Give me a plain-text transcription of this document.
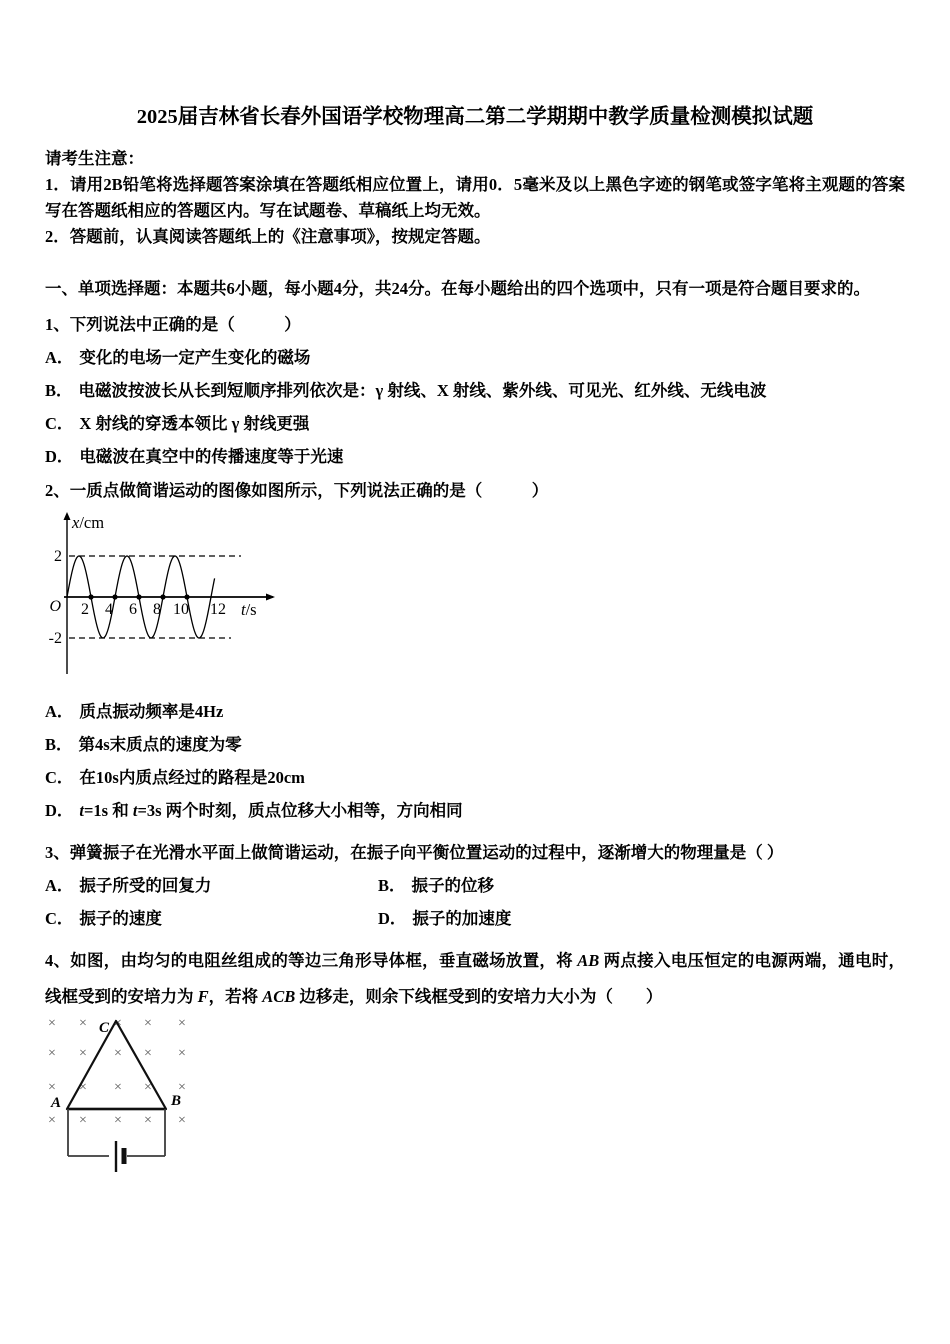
2025届吉林省长春外国语学校物理高二第二学期期中教学质量检测模拟试题

请考生注意：

1．请用2B铅笔将选择题答案涂填在答题纸相应位置上，请用0．5毫米及以上黑色字迹的钢笔或签字笔将主观题的答案写在答题纸相应的答题区内。写在试题卷、草稿纸上均无效。

2．答题前，认真阅读答题纸上的《注意事项》，按规定答题。

一、单项选择题：本题共6小题，每小题4分，共24分。在每小题给出的四个选项中，只有一项是符合题目要求的。

1、下列说法中正确的是（　　　）

A． 变化的电场一定产生变化的磁场

B． 电磁波按波长从长到短顺序排列依次是：γ 射线、X 射线、紫外线、可见光、红外线、无线电波

C． X 射线的穿透本领比 γ 射线更强

D． 电磁波在真空中的传播速度等于光速

2、一质点做简谐运动的图像如图所示，下列说法正确的是（　　　）

2
-2
O 2 4 6 8 10 12
x/cm
t/s

A． 质点振动频率是4Hz

B． 第4s末质点的速度为零

C． 在10s内质点经过的路程是20cm

D． t=1s 和 t=3s 两个时刻，质点位移大小相等，方向相同

3、弹簧振子在光滑水平面上做简谐运动，在振子向平衡位置运动的过程中，逐渐增大的物理量是（ ）

A． 振子所受的回复力	B． 振子的位移

C． 振子的速度	D． 振子的加速度

4、如图，由均匀的电阻丝组成的等边三角形导体框，垂直磁场放置，将 AB 两点接入电压恒定的电源两端，通电时，

线框受到的安培力为 F，若将 ACB 边移走，则余下线框受到的安培力大小为（　　）

× × × × ×
× × × × ×
× × × × ×
× × × × ×
C
A	B
